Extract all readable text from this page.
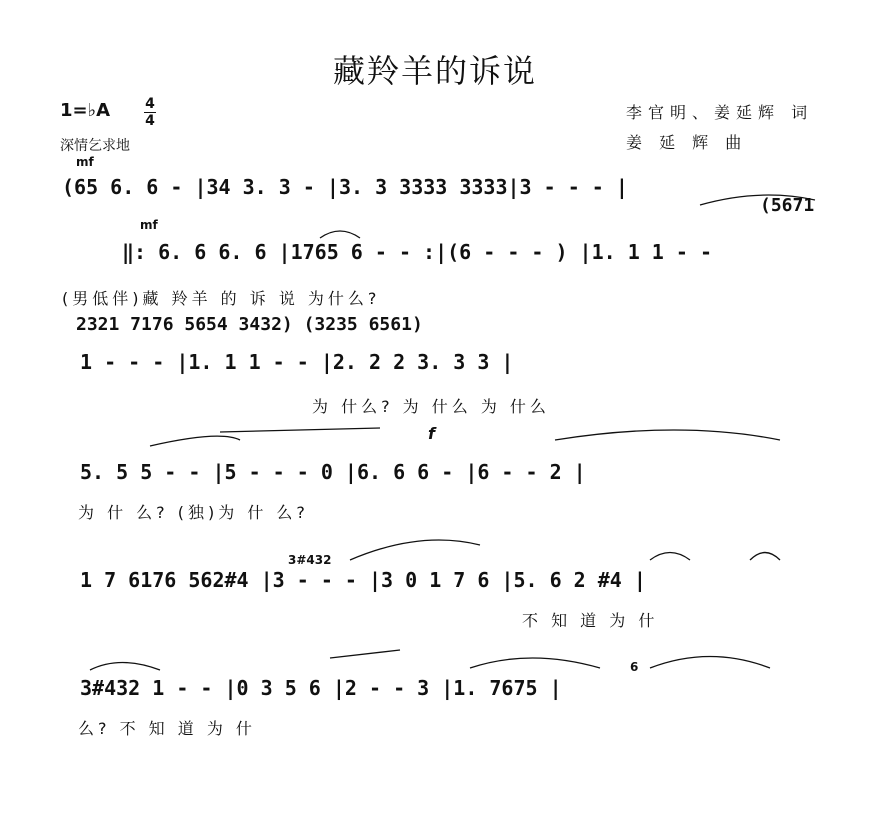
藏羚羊的诉说
1=♭A	4
4
深情乞求地
李官明、姜延辉 词
姜 延 辉 曲
mf
(65 6. 6 - |34 3. 3 - |3. 3 3333 3333|3 - - - |
(5671
mf
‖: 6. 6 6. 6 |1765 6 - - :|(6 - - - ) |1. 1 1 - -
(男低伴)藏 羚羊 的 诉 说 为什么?
2321 7176 5654 3432) (3235 6561)
1 - - - |1. 1 1 - - |2. 2 2 3. 3 3 |
为 什么? 为 什么 为 什么
f
5. 5 5 - - |5 - - - 0 |6. 6 6 - |6 - - 2 |
为 什 么? (独)为 什 么?
3#432
1 7 6176 562#4 |3 - - - |3 0 1 7 6 |5. 6 2 #4 |
不 知 道 为 什
6
3#432 1 - - |0 3 5 6 |2 - - 3 |1. 7675 |
么? 不 知 道 为 什
